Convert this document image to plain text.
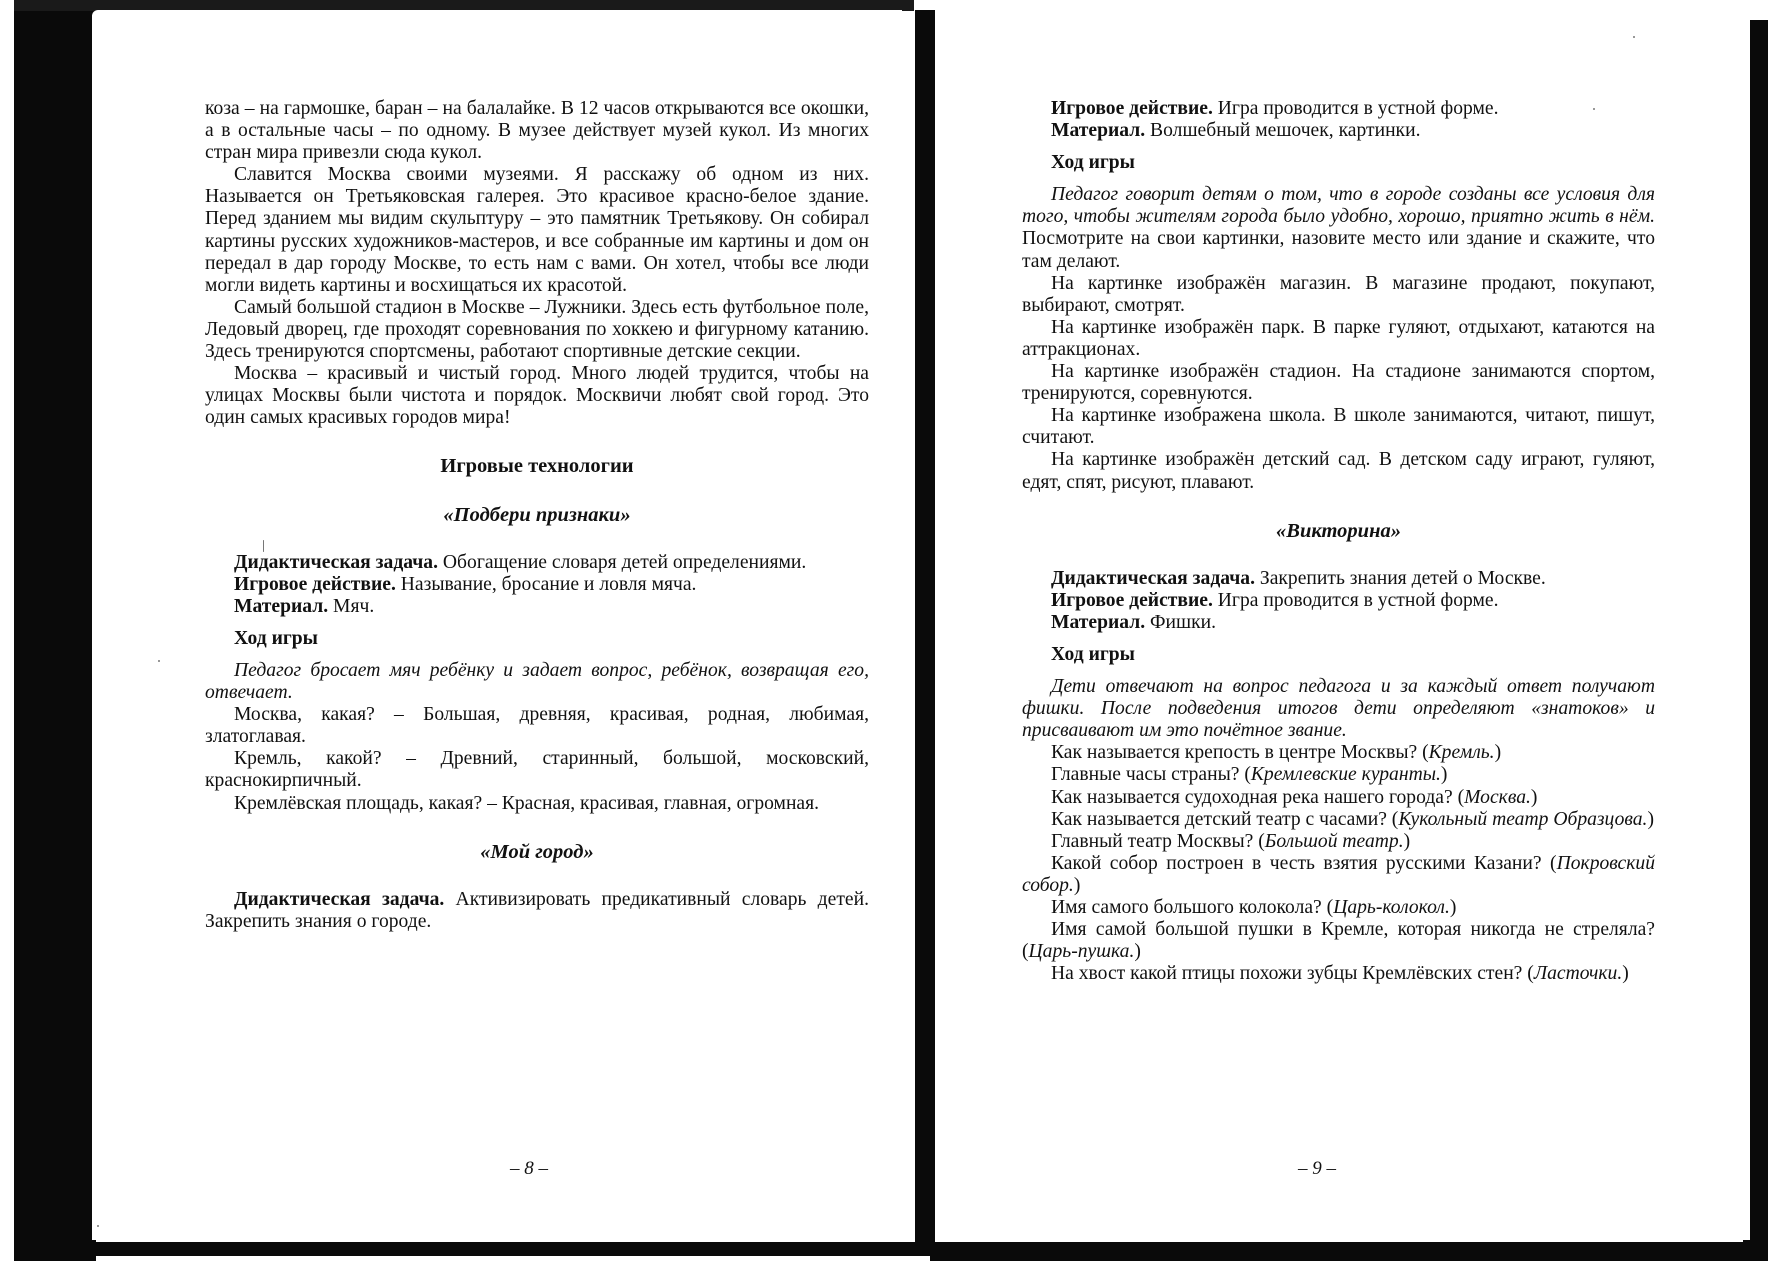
коза – на гармошке, баран – на балалайке. В 12 часов открываются все окошки, а в остальные часы – по одному. В музее действует музей кукол. Из многих стран мира привезли сюда кукол.

Славится Москва своими музеями. Я расскажу об одном из них. Называется он Третьяковская галерея. Это красивое красно-белое здание. Перед зданием мы видим скульптуру – это памятник Третьякову. Он собирал картины русских художников-мастеров, и все собранные им картины и дом он передал в дар городу Москве, то есть нам с вами. Он хотел, чтобы все люди могли видеть картины и восхищаться их красотой.

Самый большой стадион в Москве – Лужники. Здесь есть футбольное поле, Ледовый дворец, где проходят соревнования по хоккею и фигурному катанию. Здесь тренируются спортсмены, работают спортивные детские секции.

Москва – красивый и чистый город. Много людей трудится, чтобы на улицах Москвы были чистота и порядок. Москвичи любят свой город. Это один самых красивых городов мира!

Игровые технологии

«Подбери признаки»

Дидактическая задача. Обогащение словаря детей определениями.

Игровое действие. Называние, бросание и ловля мяча.

Материал. Мяч.

Ход игры

Педагог бросает мяч ребёнку и задает вопрос, ребёнок, возвращая его, отвечает.

Москва, какая? – Большая, древняя, красивая, родная, любимая, златоглавая.

Кремль, какой? – Древний, старинный, большой, московский, краснокирпичный.

Кремлёвская площадь, какая? – Красная, красивая, главная, огромная.

«Мой город»

Дидактическая задача. Активизировать предикативный словарь детей. Закрепить знания о городе.

– 8 –

Игровое действие. Игра проводится в устной форме.

Материал. Волшебный мешочек, картинки.

Ход игры

Педагог говорит детям о том, что в городе созданы все условия для того, чтобы жителям города было удобно, хорошо, приятно жить в нём. Посмотрите на свои картинки, назовите место или здание и скажите, что там делают.

На картинке изображён магазин. В магазине продают, покупают, выбирают, смотрят.

На картинке изображён парк. В парке гуляют, отдыхают, катаются на аттракционах.

На картинке изображён стадион. На стадионе занимаются спортом, тренируются, соревнуются.

На картинке изображена школа. В школе занимаются, читают, пишут, считают.

На картинке изображён детский сад. В детском саду играют, гуляют, едят, спят, рисуют, плавают.

«Викторина»

Дидактическая задача. Закрепить знания детей о Москве.

Игровое действие. Игра проводится в устной форме.

Материал. Фишки.

Ход игры

Дети отвечают на вопрос педагога и за каждый ответ получают фишки. После подведения итогов дети определяют «знатоков» и присваивают им это почётное звание.

Как называется крепость в центре Москвы? (Кремль.)

Главные часы страны? (Кремлевские куранты.)

Как называется судоходная река нашего города? (Москва.)

Как называется детский театр с часами? (Кукольный театр Образцова.)

Главный театр Москвы? (Большой театр.)

Какой собор построен в честь взятия русскими Казани? (Покровский собор.)

Имя самого большого колокола? (Царь-колокол.)

Имя самой большой пушки в Кремле, которая никогда не стреляла? (Царь-пушка.)

На хвост какой птицы похожи зубцы Кремлёвских стен? (Ласточки.)

– 9 –
